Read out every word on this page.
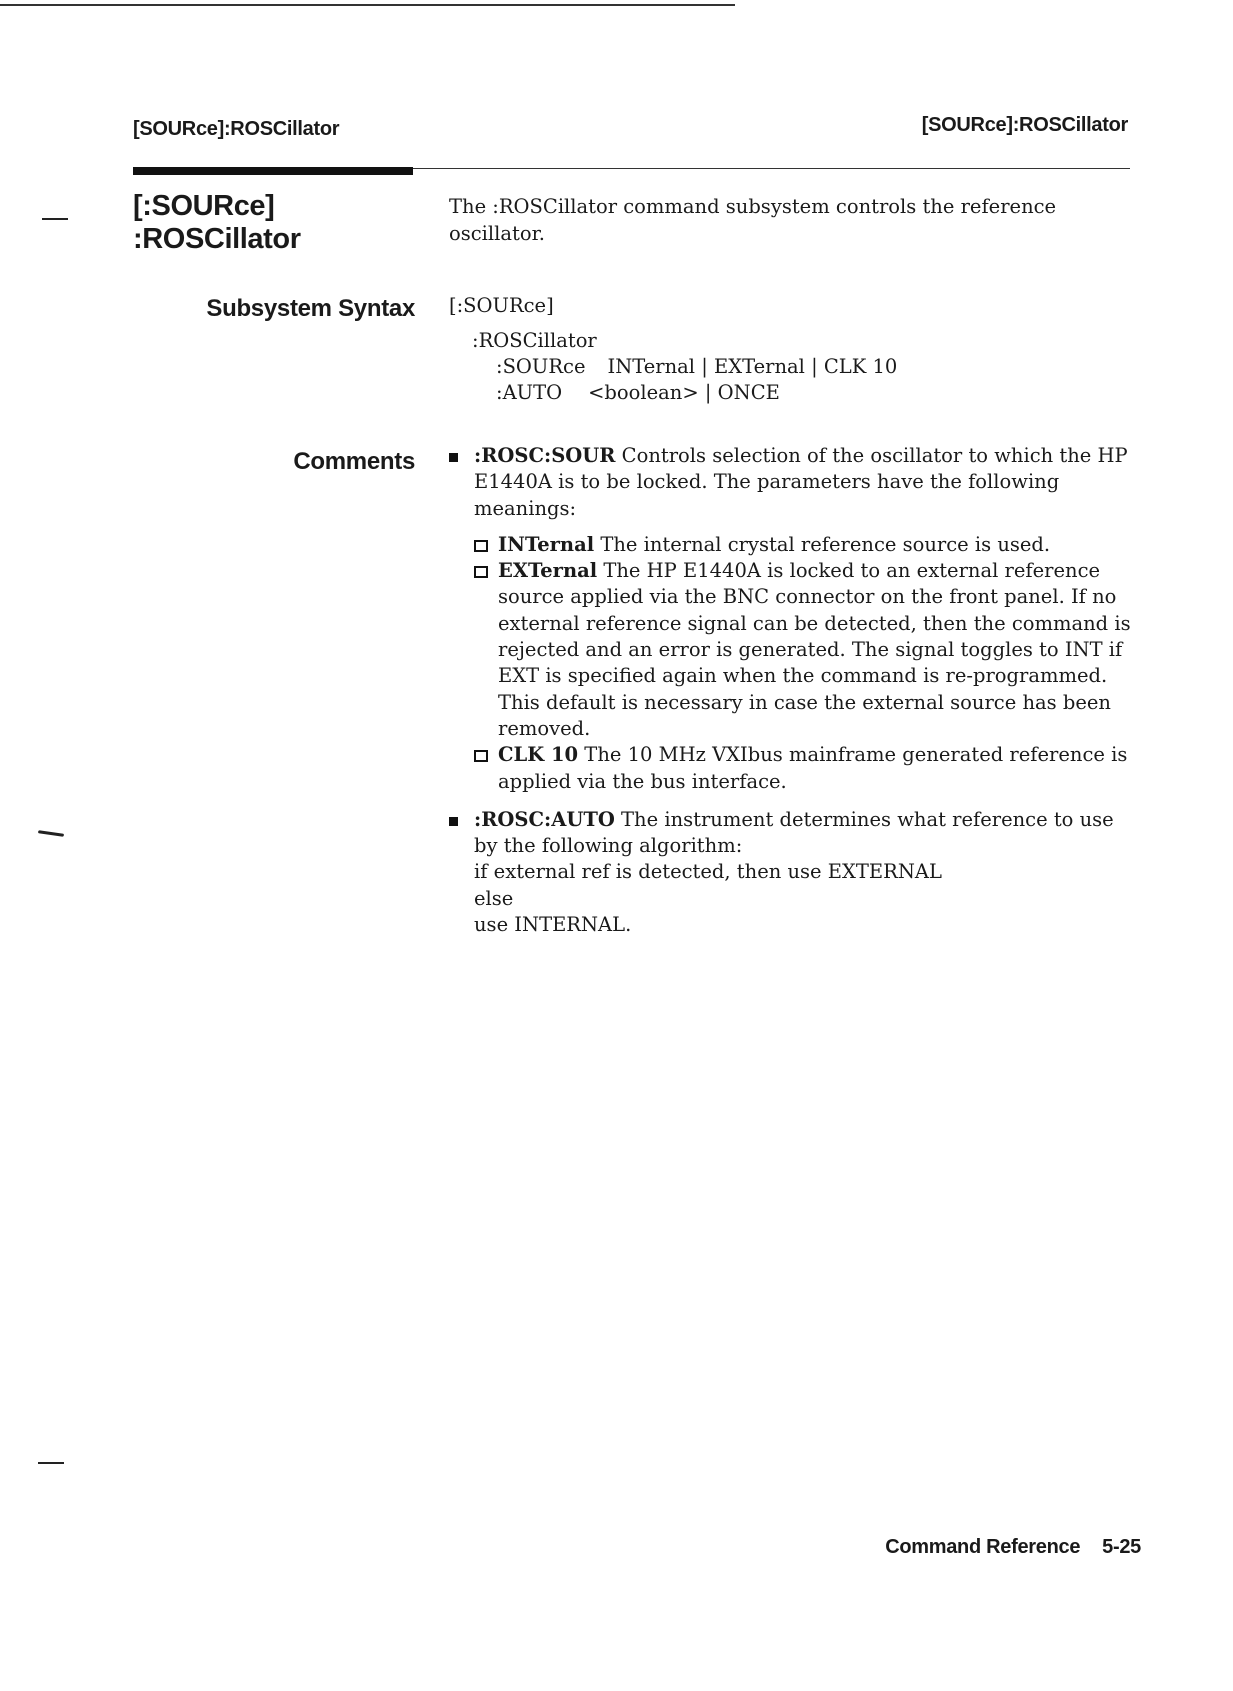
[SOURce]:ROSCillator	[SOURce]:ROSCillator
[:SOURce]
:ROSCillator
The :ROSCillator command subsystem controls the reference oscillator.
Subsystem Syntax [:SOURce]
:ROSCillator
:SOURce INTernal | EXTernal | CLK 10
:AUTO <boolean> | ONCE
Comments	:ROSC:SOUR Controls selection of the oscillator to which the HP E1440A is to be locked. The parameters have the following meanings:
INTernal The internal crystal reference source is used.
EXTernal The HP E1440A is locked to an external reference source applied via the BNC connector on the front panel. If no external reference signal can be detected, then the command is rejected and an error is generated. The signal toggles to INT if EXT is specified again when the command is re-programmed. This default is necessary in case the external source has been removed.
CLK 10 The 10 MHz VXIbus mainframe generated reference is applied via the bus interface.
:ROSC:AUTO The instrument determines what reference to use by the following algorithm:
if external ref is detected, then use EXTERNAL
else
use INTERNAL.
Command Reference 5-25
